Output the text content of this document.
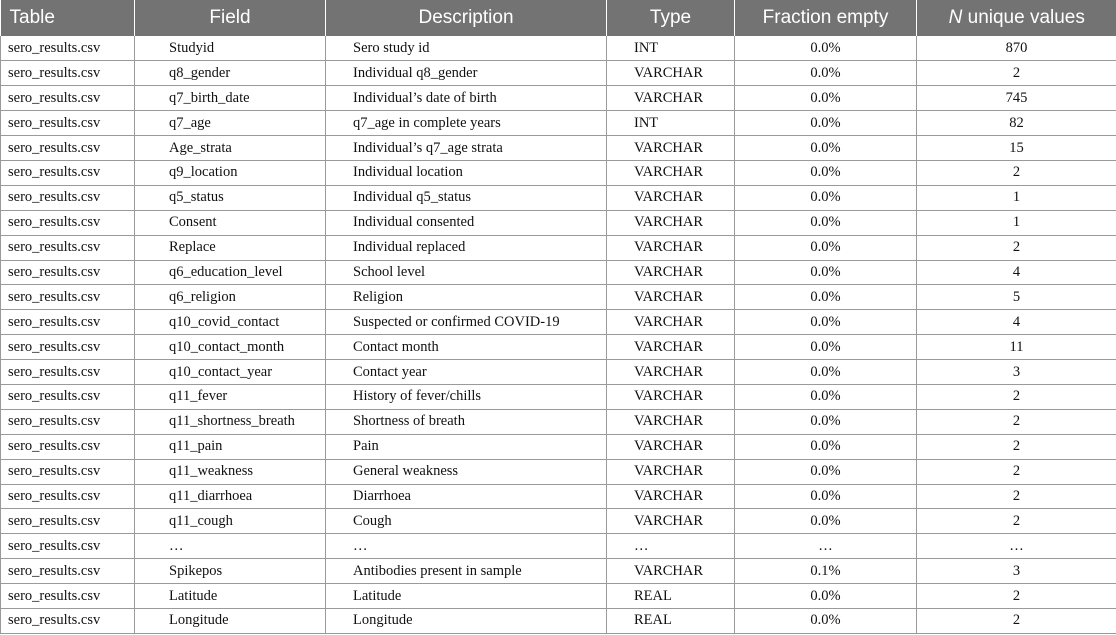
Table	Field	Description	Type	Fraction empty	N unique values
sero_results.csv	Studyid	Sero study id	INT	0.0%	870
sero_results.csv	q8_gender	Individual q8_gender	VARCHAR	0.0%	2
sero_results.csv	q7_birth_date	Individual’s date of birth	VARCHAR	0.0%	745
sero_results.csv	q7_age	q7_age in complete years	INT	0.0%	82
sero_results.csv	Age_strata	Individual’s q7_age strata	VARCHAR	0.0%	15
sero_results.csv	q9_location	Individual location	VARCHAR	0.0%	2
sero_results.csv	q5_status	Individual q5_status	VARCHAR	0.0%	1
sero_results.csv	Consent	Individual consented	VARCHAR	0.0%	1
sero_results.csv	Replace	Individual replaced	VARCHAR	0.0%	2
sero_results.csv	q6_education_level	School level	VARCHAR	0.0%	4
sero_results.csv	q6_religion	Religion	VARCHAR	0.0%	5
sero_results.csv	q10_covid_contact	Suspected or confirmed COVID-19	VARCHAR	0.0%	4
sero_results.csv	q10_contact_month	Contact month	VARCHAR	0.0%	11
sero_results.csv	q10_contact_year	Contact year	VARCHAR	0.0%	3
sero_results.csv	q11_fever	History of fever/chills	VARCHAR	0.0%	2
sero_results.csv	q11_shortness_breath	Shortness of breath	VARCHAR	0.0%	2
sero_results.csv	q11_pain	Pain	VARCHAR	0.0%	2
sero_results.csv	q11_weakness	General weakness	VARCHAR	0.0%	2
sero_results.csv	q11_diarrhoea	Diarrhoea	VARCHAR	0.0%	2
sero_results.csv	q11_cough	Cough	VARCHAR	0.0%	2
sero_results.csv	…	…	…	…	…
sero_results.csv	Spikepos	Antibodies present in sample	VARCHAR	0.1%	3
sero_results.csv	Latitude	Latitude	REAL	0.0%	2
sero_results.csv	Longitude	Longitude	REAL	0.0%	2
